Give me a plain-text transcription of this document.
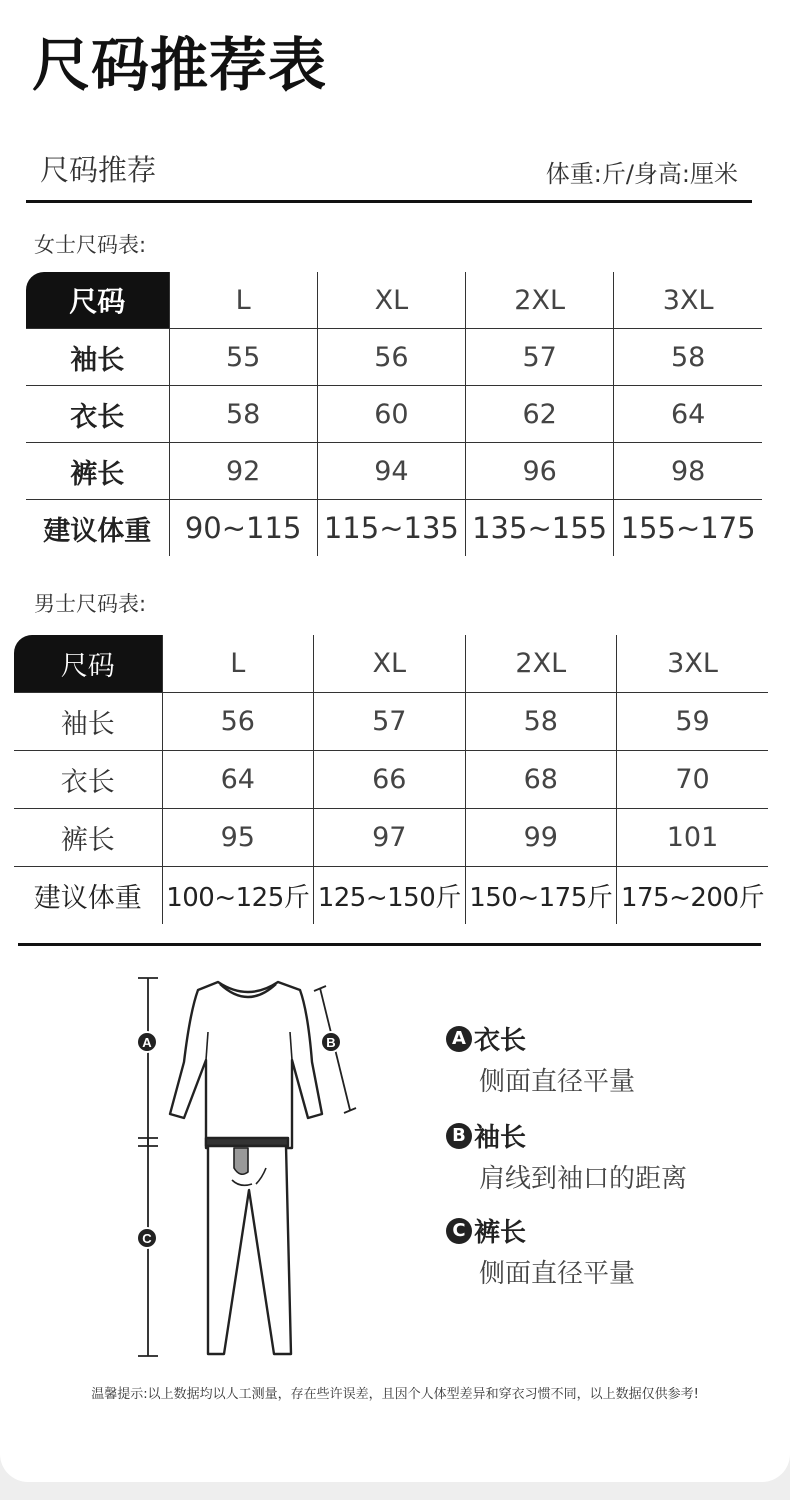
尺码推荐表
尺码推荐	体重:斤/身高:厘米
女士尺码表:
尺码	L	XL	2XL	3XL
袖长	55	56	57	58
衣长	58	60	62	64
裤长	92	94	96	98
建议体重	90~115	115~135	135~155	155~175
男士尺码表:
尺码	L	XL	2XL	3XL
袖长	56	57	58	59
衣长	64	66	68	70
裤长	95	97	99	101
建议体重	100~125斤	125~150斤	150~175斤	175~200斤
A	B
C
A 衣长
侧面直径平量
B 袖长
肩线到袖口的距离
C 裤长
侧面直径平量
温馨提示:以上数据均以人工测量，存在些许误差，且因个人体型差异和穿衣习惯不同，以上数据仅供参考!
